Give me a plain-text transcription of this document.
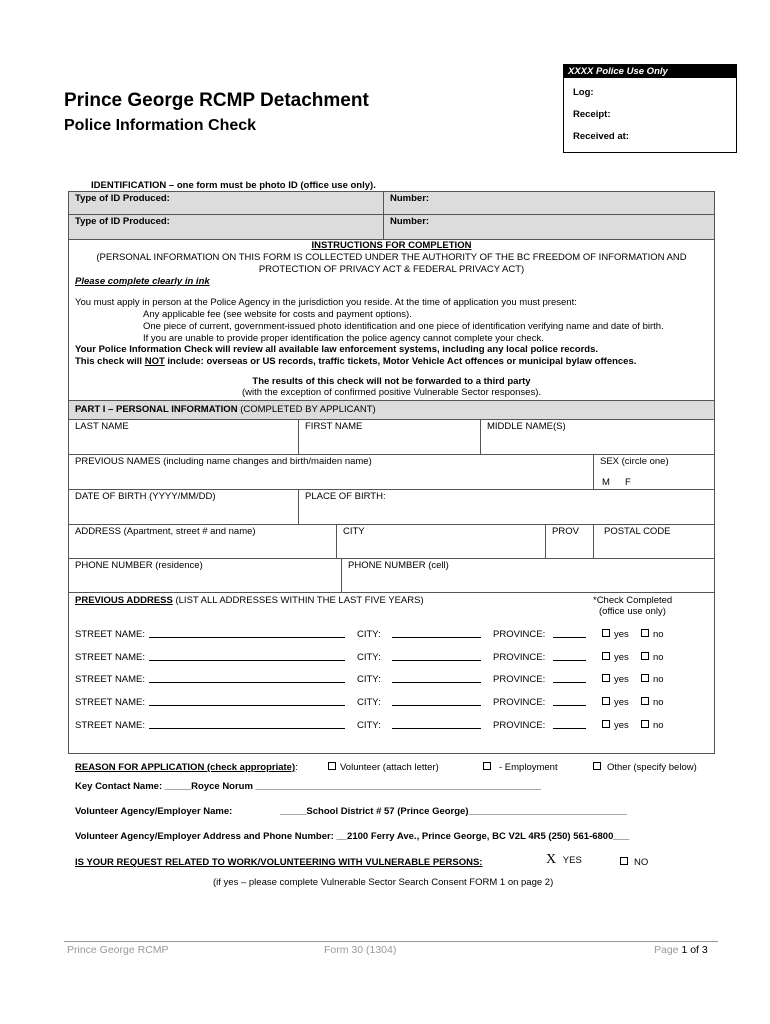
XXXX Police Use Only
Log:
Receipt:
Received at:
Prince George RCMP Detachment
Police Information Check
IDENTIFICATION – one form must be photo ID (office use only).
Type of ID Produced:	Number:
Type of ID Produced:	Number:
INSTRUCTIONS FOR COMPLETION
(PERSONAL INFORMATION ON THIS FORM IS COLLECTED UNDER THE AUTHORITY OF THE BC FREEDOM OF INFORMATION AND
PROTECTION OF PRIVACY ACT & FEDERAL PRIVACY ACT)
Please complete clearly in ink
You must apply in person at the Police Agency in the jurisdiction you reside. At the time of application you must present:
Any applicable fee (see website for costs and payment options).
One piece of current, government-issued photo identification and one piece of identification verifying name and date of birth.
If you are unable to provide proper identification the police agency cannot complete your check.
Your Police Information Check will review all available law enforcement systems, including any local police records.
This check will NOT include: overseas or US records, traffic tickets, Motor Vehicle Act offences or municipal bylaw offences.
The results of this check will not be forwarded to a third party
(with the exception of confirmed positive Vulnerable Sector responses).
PART I – PERSONAL INFORMATION (COMPLETED BY APPLICANT)
LAST NAME	FIRST NAME	MIDDLE NAME(S)
PREVIOUS NAMES (including name changes and birth/maiden name)	SEX (circle one)
M F
DATE OF BIRTH (YYYY/MM/DD)	PLACE OF BIRTH:
ADDRESS (Apartment, street # and name)	CITY	PROV	POSTAL CODE
PHONE NUMBER (residence)	PHONE NUMBER (cell)
PREVIOUS ADDRESS (LIST ALL ADDRESSES WITHIN THE LAST FIVE YEARS)	*Check Completed
(office use only)
STREET NAME:	CITY:	PROVINCE:	yes	no
STREET NAME:	CITY:	PROVINCE:	yes	no
STREET NAME:	CITY:	PROVINCE:	yes	no
STREET NAME:	CITY:	PROVINCE:	yes	no
STREET NAME:	CITY:	PROVINCE:	yes	no
REASON FOR APPLICATION (check appropriate):	Volunteer (attach letter)	- Employment	Other (specify below)
Key Contact Name: _____Royce Norum ______________________________________________________
Volunteer Agency/Employer Name:	_____School District # 57 (Prince George)______________________________
Volunteer Agency/Employer Address and Phone Number: __2100 Ferry Ave., Prince George, BC V2L 4R5 (250) 561-6800___
IS YOUR REQUEST RELATED TO WORK/VOLUNTEERING WITH VULNERABLE PERSONS:	X YES	NO
(if yes – please complete Vulnerable Sector Search Consent FORM 1 on page 2)
Prince George RCMP	Form 30 (1304)	Page 1 of 3
